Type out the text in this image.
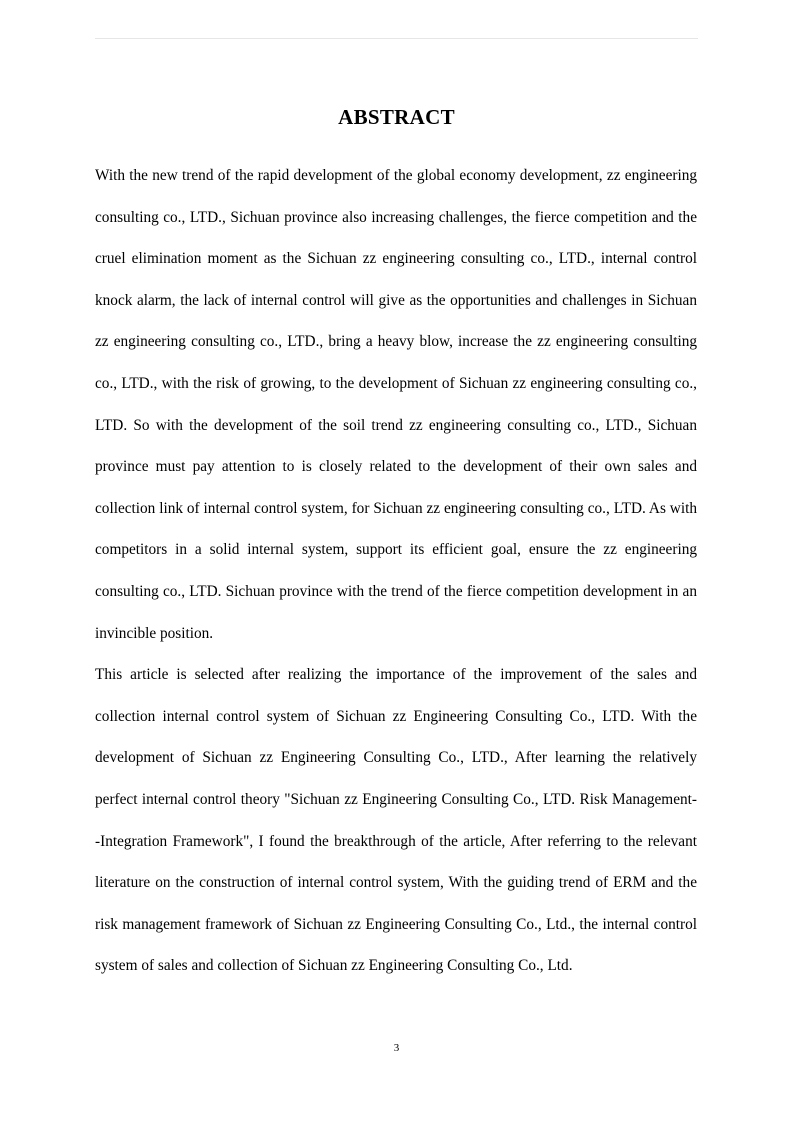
ABSTRACT

With the new trend of the rapid development of the global economy development, zz engineering consulting co., LTD., Sichuan province also increasing challenges, the fierce competition and the cruel elimination moment as the Sichuan zz engineering consulting co., LTD., internal control knock alarm, the lack of internal control will give as the opportunities and challenges in Sichuan zz engineering consulting co., LTD., bring a heavy blow, increase the zz engineering consulting co., LTD., with the risk of growing, to the development of Sichuan zz engineering consulting co., LTD. So with the development of the soil trend zz engineering consulting co., LTD., Sichuan province must pay attention to is closely related to the development of their own sales and collection link of internal control system, for Sichuan zz engineering consulting co., LTD. As with competitors in a solid internal system, support its efficient goal, ensure the zz engineering consulting co., LTD. Sichuan province with the trend of the fierce competition development in an invincible position.

This article is selected after realizing the importance of the improvement of the sales and collection internal control system of Sichuan zz Engineering Consulting Co., LTD. With the development of Sichuan zz Engineering Consulting Co., LTD., After learning the relatively perfect internal control theory "Sichuan zz Engineering Consulting Co., LTD. Risk Management- -Integration Framework", I found the breakthrough of the article, After referring to the relevant literature on the construction of internal control system, With the guiding trend of ERM and the risk management framework of Sichuan zz Engineering Consulting Co., Ltd., the internal control system of sales and collection of Sichuan zz Engineering Consulting Co., Ltd.

3
